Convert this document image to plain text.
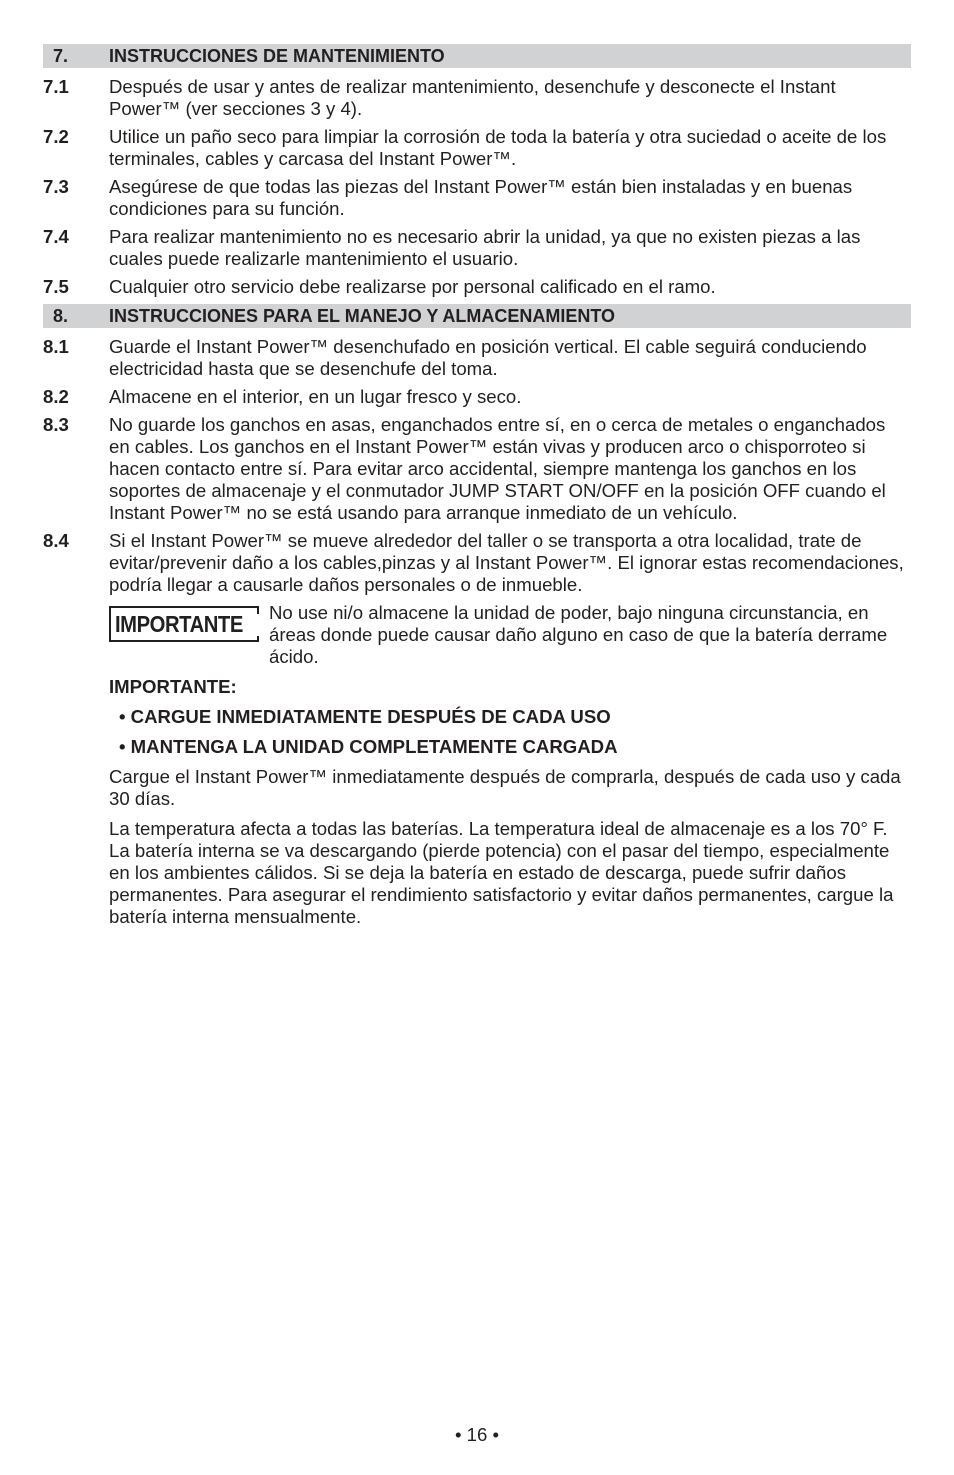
7.	INSTRUCCIONES DE MANTENIMIENTO
7.1	Después de usar y antes de realizar mantenimiento, desenchufe y desconecte el Instant Power™ (ver secciones 3 y 4).
7.2	Utilice un paño seco para limpiar la corrosión de toda la batería y otra suciedad o aceite de los terminales, cables y carcasa del Instant Power™.
7.3	Asegúrese de que todas las piezas del Instant Power™ están bien instaladas y en buenas condiciones para su función.
7.4	Para realizar mantenimiento no es necesario abrir la unidad, ya que no existen piezas a las cuales puede realizarle mantenimiento el usuario.
7.5	Cualquier otro servicio debe realizarse por personal calificado en el ramo.
8.	INSTRUCCIONES PARA EL MANEJO Y ALMACENAMIENTO
8.1	Guarde el Instant Power™ desenchufado en posición vertical. El cable seguirá conduciendo electricidad hasta que se desenchufe del toma.
8.2	Almacene en el interior, en un lugar fresco y seco.
8.3	No guarde los ganchos en asas, enganchados entre sí, en o cerca de metales o enganchados en cables. Los ganchos en el Instant Power™ están vivas y producen arco o chisporroteo si hacen contacto entre sí. Para evitar arco accidental, siempre mantenga los ganchos en los soportes de almacenaje y el conmutador JUMP START ON/OFF en la posición OFF cuando el Instant Power™ no se está usando para arranque inmediato de un vehículo.
8.4	Si el Instant Power™ se mueve alrededor del taller o se transporta a otra localidad, trate de evitar/prevenir daño a los cables,pinzas y al Instant Power™. El ignorar estas recomendaciones, podría llegar a causarle daños personales o de inmueble.
IMPORTANTE No use ni/o almacene la unidad de poder, bajo ninguna circunstancia, en áreas donde puede causar daño alguno en caso de que la batería derrame ácido.
IMPORTANTE:
• CARGUE INMEDIATAMENTE DESPUÉS DE CADA USO
• MANTENGA LA UNIDAD COMPLETAMENTE CARGADA
Cargue el Instant Power™ inmediatamente después de comprarla, después de cada uso y cada 30 días.
La temperatura afecta a todas las baterías. La temperatura ideal de almacenaje es a los 70° F. La batería interna se va descargando (pierde potencia) con el pasar del tiempo, especialmente en los ambientes cálidos. Si se deja la batería en estado de descarga, puede sufrir daños permanentes. Para asegurar el rendimiento satisfactorio y evitar daños permanentes, cargue la batería interna mensualmente.
• 16 •
